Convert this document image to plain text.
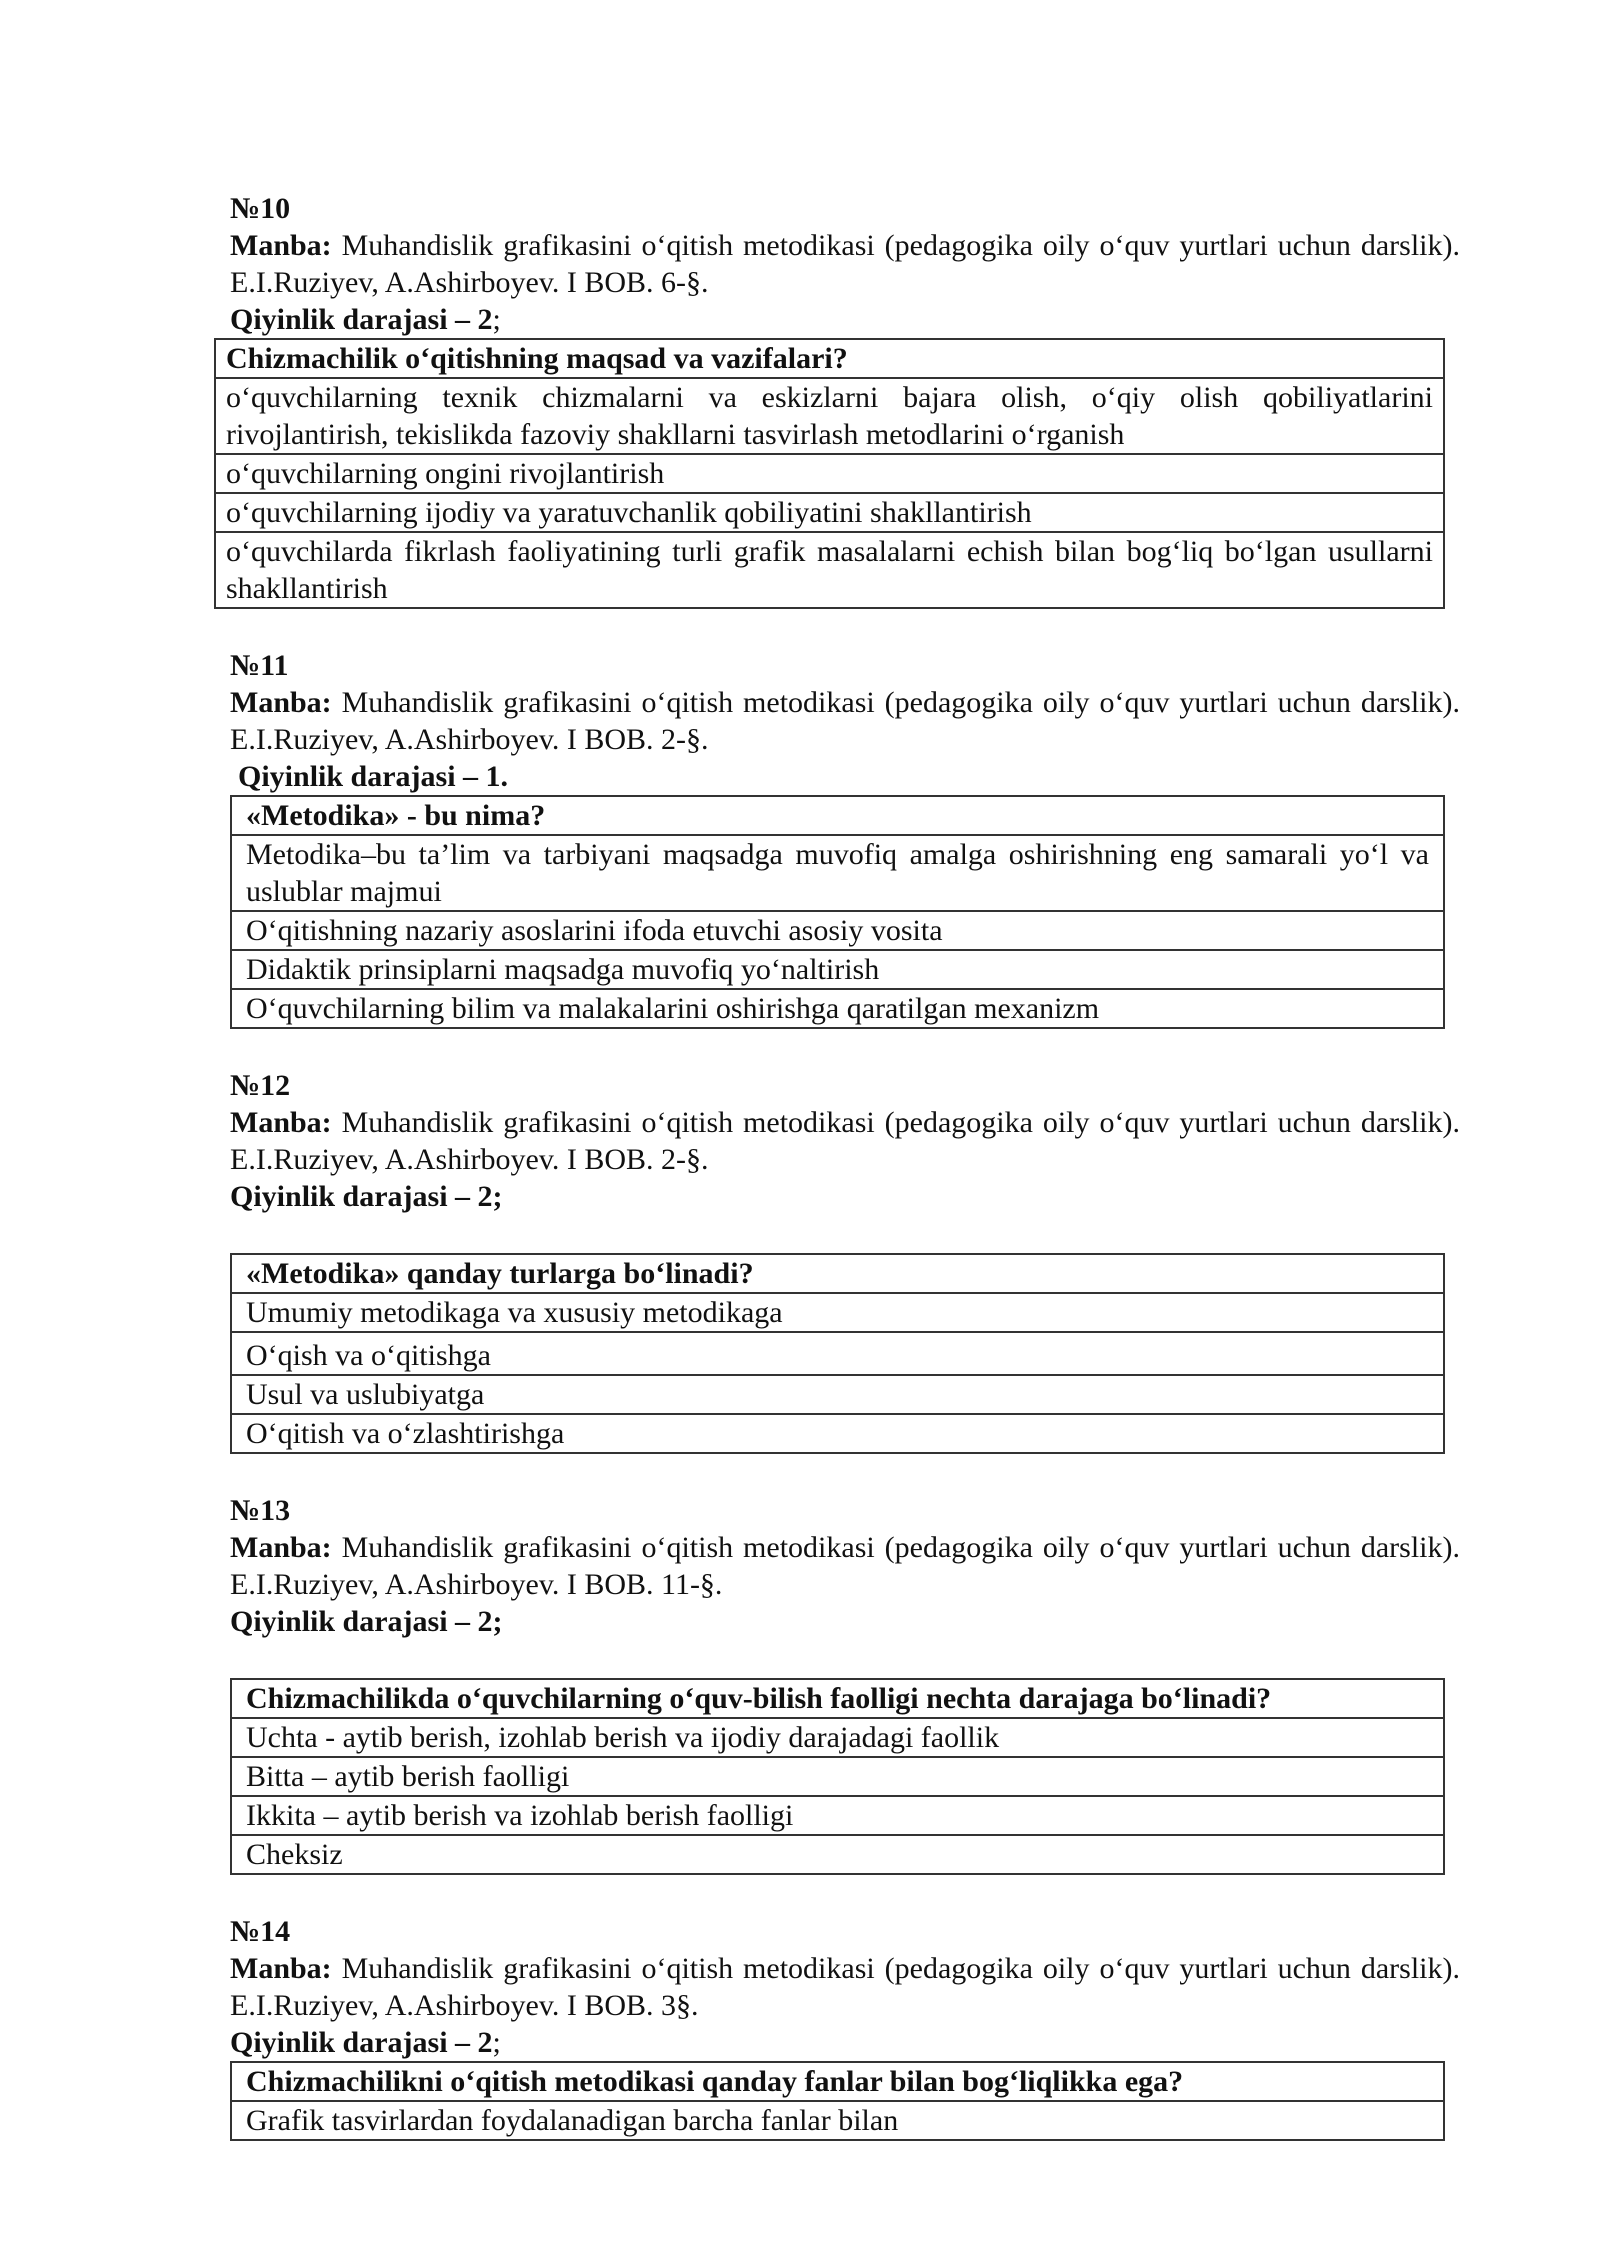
№10

Manba: Muhandislik grafikasini o‘qitish metodikasi (pedagogika oily o‘quv yurtlari uchun darslik). E.I.Ruziyev, A.Ashirboyev. I BOB. 6-§.

Qiyinlik darajasi – 2;

Chizmachilik o‘qitishning maqsad va vazifalari?
o‘quvchilarning texnik chizmalarni va eskizlarni bajara olish, o‘qiy olish qobiliyatlarini rivojlantirish, tekislikda fazoviy shakllarni tasvirlash metodlarini o‘rganish
o‘quvchilarning ongini rivojlantirish
o‘quvchilarning ijodiy va yaratuvchanlik qobiliyatini shakllantirish
o‘quvchilarda fikrlash faoliyatining turli grafik masalalarni echish bilan bog‘liq bo‘lgan usullarni shakllantirish

№11

Manba: Muhandislik grafikasini o‘qitish metodikasi (pedagogika oily o‘quv yurtlari uchun darslik). E.I.Ruziyev, A.Ashirboyev. I BOB. 2-§.

Qiyinlik darajasi – 1.

«Metodika» - bu nima?
Metodika–bu ta’lim va tarbiyani maqsadga muvofiq amalga oshirishning eng samarali yo‘l va uslublar majmui
O‘qitishning nazariy asoslarini ifoda etuvchi asosiy vosita
Didaktik prinsiplarni maqsadga muvofiq yo‘naltirish
O‘quvchilarning bilim va malakalarini oshirishga qaratilgan mexanizm

№12

Manba: Muhandislik grafikasini o‘qitish metodikasi (pedagogika oily o‘quv yurtlari uchun darslik). E.I.Ruziyev, A.Ashirboyev. I BOB. 2-§.

Qiyinlik darajasi – 2;

«Metodika» qanday turlarga bo‘linadi?
Umumiy metodikaga va xususiy metodikaga
O‘qish va o‘qitishga
Usul va uslubiyatga
O‘qitish va o‘zlashtirishga

№13

Manba: Muhandislik grafikasini o‘qitish metodikasi (pedagogika oily o‘quv yurtlari uchun darslik). E.I.Ruziyev, A.Ashirboyev. I BOB. 11-§.

Qiyinlik darajasi – 2;

Chizmachilikda o‘quvchilarning o‘quv-bilish faolligi nechta darajaga bo‘linadi?
Uchta - aytib berish, izohlab berish va ijodiy darajadagi faollik
Bitta – aytib berish faolligi
Ikkita – aytib berish va izohlab berish faolligi
Cheksiz

№14

Manba: Muhandislik grafikasini o‘qitish metodikasi (pedagogika oily o‘quv yurtlari uchun darslik). E.I.Ruziyev, A.Ashirboyev. I BOB. 3§.

Qiyinlik darajasi – 2;

Chizmachilikni o‘qitish metodikasi qanday fanlar bilan bog‘liqlikka ega?
Grafik tasvirlardan foydalanadigan barcha fanlar bilan
